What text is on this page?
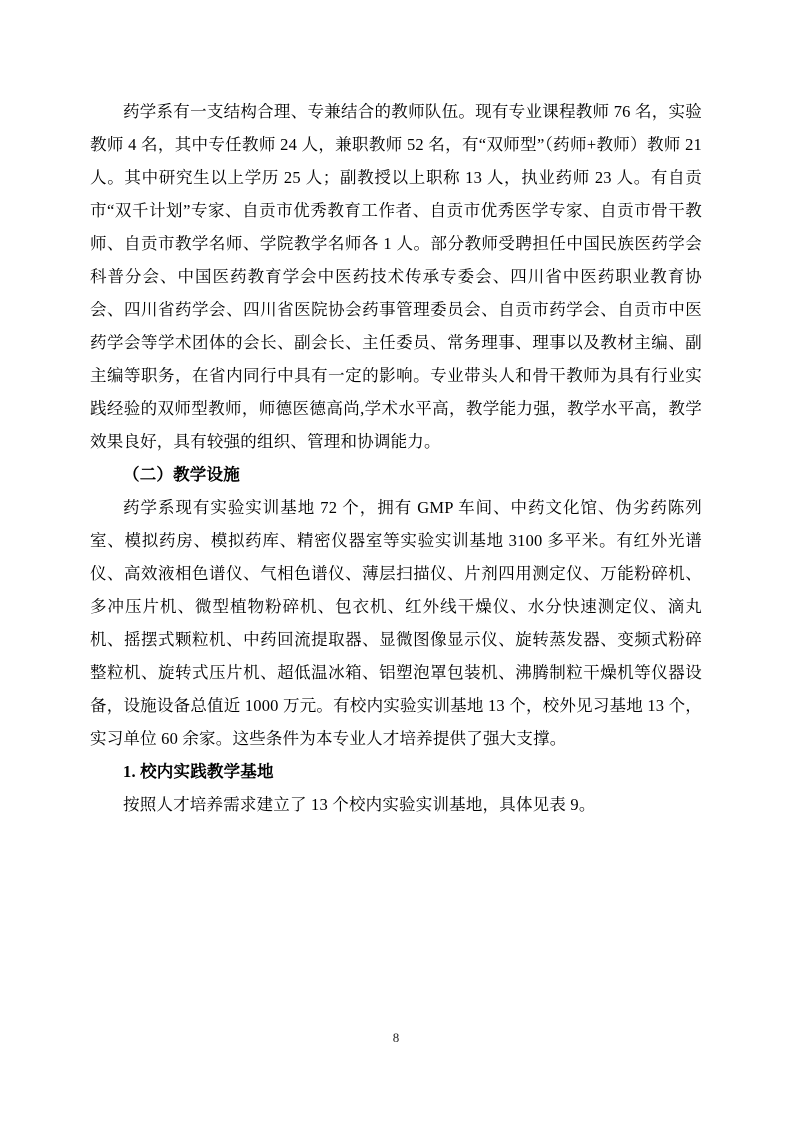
药学系有一支结构合理、专兼结合的教师队伍。现有专业课程教师 76 名，实验教师 4 名，其中专任教师 24 人，兼职教师 52 名，有“双师型”（药师+教师）教师 21 人。其中研究生以上学历 25 人；副教授以上职称 13 人，执业药师 23 人。有自贡市“双千计划”专家、自贡市优秀教育工作者、自贡市优秀医学专家、自贡市骨干教师、自贡市教学名师、学院教学名师各 1 人。部分教师受聘担任中国民族医药学会科普分会、中国医药教育学会中医药技术传承专委会、四川省中医药职业教育协会、四川省药学会、四川省医院协会药事管理委员会、自贡市药学会、自贡市中医药学会等学术团体的会长、副会长、主任委员、常务理事、理事以及教材主编、副主编等职务，在省内同行中具有一定的影响。专业带头人和骨干教师为具有行业实践经验的双师型教师，师德医德高尚,学术水平高，教学能力强，教学水平高，教学效果良好，具有较强的组织、管理和协调能力。

（二）教学设施

药学系现有实验实训基地 72 个，拥有 GMP 车间、中药文化馆、伪劣药陈列室、模拟药房、模拟药库、精密仪器室等实验实训基地 3100 多平米。有红外光谱仪、高效液相色谱仪、气相色谱仪、薄层扫描仪、片剂四用测定仪、万能粉碎机、多冲压片机、微型植物粉碎机、包衣机、红外线干燥仪、水分快速测定仪、滴丸机、摇摆式颗粒机、中药回流提取器、显微图像显示仪、旋转蒸发器、变频式粉碎整粒机、旋转式压片机、超低温冰箱、铝塑泡罩包装机、沸腾制粒干燥机等仪器设备，设施设备总值近 1000 万元。有校内实验实训基地 13 个，校外见习基地 13 个，实习单位 60 余家。这些条件为本专业人才培养提供了强大支撑。

1. 校内实践教学基地

按照人才培养需求建立了 13 个校内实验实训基地，具体见表 9。

8
